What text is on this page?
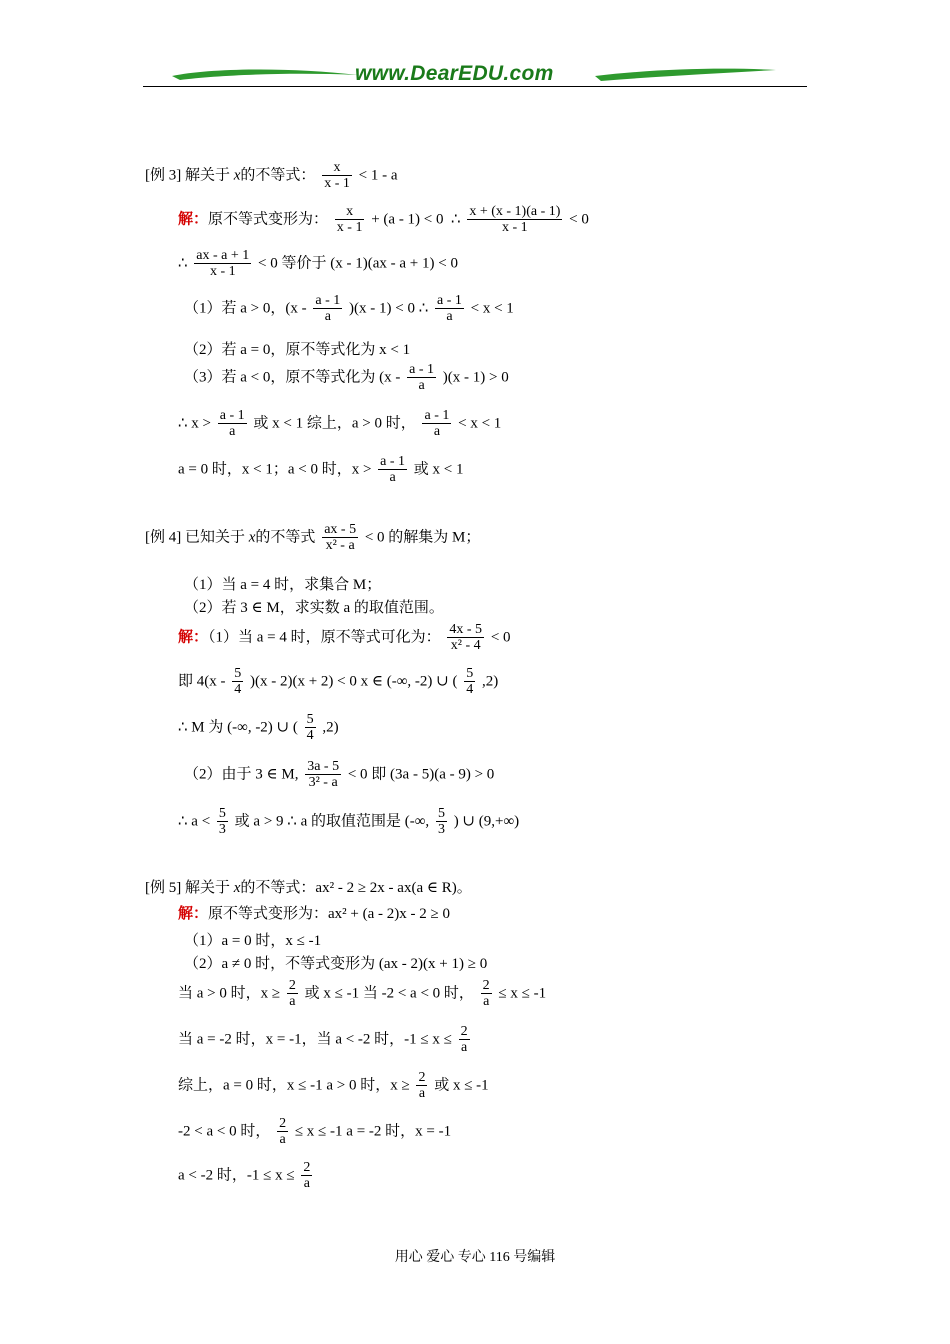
www.DearEDU.com
[例 3] 解关于 x的不等式： $\frac{x}{x - 1} < 1 - a$
解：原不等式变形为： $\frac{x}{x - 1} + (a - 1) < 0$  ∴ $\frac{x + (x - 1)(a - 1)}{x - 1} < 0$
∴ $\frac{ax - a + 1}{x - 1} < 0$ 等价于 (x - 1)(ax - a + 1) < 0
（1）若 a > 0，$(x - \frac{a - 1}{a} )(x - 1) < 0$ ∴ $\frac{a - 1}{a} < x < 1$
（2）若 a = 0，原不等式化为 x < 1
（3）若 a < 0，原不等式化为 $(x - \frac{a - 1}{a} )(x - 1) > 0$
∴ $x > \frac{a - 1}{a}$ 或 x < 1 综上，a > 0 时， $\frac{a - 1}{a} < x < 1$
a = 0 时，x < 1；a < 0 时，$x > \frac{a - 1}{a}$ 或 x < 1
[例 4] 已知关于 x的不等式 $\frac{ax - 5}{\text{x² - a}} < 0$ 的解集为 M；
（1）当 a = 4 时，求集合 M；
（2）若 3 ∈ M，求实数 a 的取值范围。
解：（1）当 a = 4 时，原不等式可化为： $\frac{4x - 5}{\text{x² - 4}} < 0$
即 $4(x - \frac{5}{4} )(x - 2)(x + 2) < 0$ x ∈ (-∞, -2) ∪ ( $\frac{5}{4} ,2$)
∴ M 为 (-∞, -2) ∪ ( $\frac{5}{4} ,2$)
（2）由于 3 ∈ M, $\frac{3a - 5}{\text{3² - a}} < 0$ 即 (3a - 5)(a - 9) > 0
∴ $a < \frac{5}{3}$ 或 a > 9 ∴ a 的取值范围是 (-∞, $\frac{5}{3}$ ) ∪ (9,+∞)
[例 5] 解关于 x的不等式：ax² - 2 ≥ 2x - ax(a ∈ R)。
解：原不等式变形为：ax² + (a - 2)x - 2 ≥ 0
（1）a = 0 时，x ≤ -1
（2）a ≠ 0 时，不等式变形为 (ax - 2)(x + 1) ≥ 0
当 a > 0 时，$x \ge \frac{2}{a}$ 或 x ≤ -1 当 -2 < a < 0 时， $\frac{2}{a} \le x \le -1$
当 a = -2 时，x = -1，当 a < -2 时，$-1 \le x \le \frac{2}{a}$
综上，a = 0 时，x ≤ -1 a > 0 时，$x \ge \frac{2}{a}$ 或 x ≤ -1
-2 < a < 0 时， $\frac{2}{a} \le x \le -1$ a = -2 时，x = -1
a < -2 时，$-1 \le x \le \frac{2}{a}$
用心 爱心 专心 116 号编辑
